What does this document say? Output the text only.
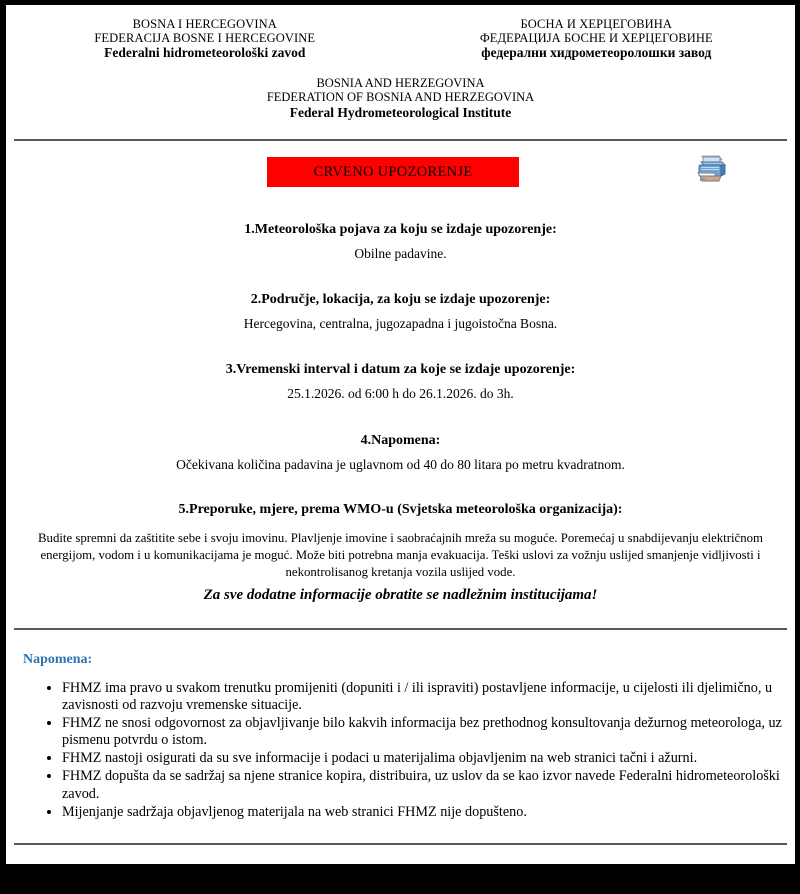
BOSNA I HERCEGOVINA
FEDERACIJA BOSNE I HERCEGOVINE
Federalni hidrometeorološki zavod
БОСНА И ХЕРЦЕГОВИНА
ФЕДЕРАЦИЈА БОСНЕ И ХЕРЦЕГОВИНЕ
федерални хидрометеоролошки завод
BOSNIA AND HERZEGOVINA
FEDERATION OF BOSNIA AND HERZEGOVINA
Federal Hydrometeorological Institute
CRVENO UPOZORENJE
1.Meteorološka pojava za koju se izdaje upozorenje:
Obilne padavine.
2.Područje, lokacija, za koju se izdaje upozorenje:
Hercegovina, centralna, jugozapadna i jugoistočna Bosna.
3.Vremenski interval i datum za koje se izdaje upozorenje:
25.1.2026. od 6:00 h do 26.1.2026. do 3h.
4.Napomena:
Očekivana količina padavina je uglavnom od 40 do 80 litara po metru kvadratnom.
5.Preporuke, mjere, prema WMO-u (Svjetska meteorološka organizacija):
Budite spremni da zaštitite sebe i svoju imovinu. Plavljenje imovine i saobraćajnih mreža su moguće. Poremećaj u snabdijevanju električnom energijom, vodom i u komunikacijama je moguć. Može biti potrebna manja evakuacija. Teški uslovi za vožnju uslijed smanjenje vidljivosti i nekontrolisanog kretanja vozila uslijed vode.
Za sve dodatne informacije obratite se nadležnim institucijama!
Napomena:
• FHMZ ima pravo u svakom trenutku promijeniti (dopuniti i / ili ispraviti) postavljene informacije, u cijelosti ili djelimično, u zavisnosti od razvoju vremenske situacije.
• FHMZ ne snosi odgovornost za objavljivanje bilo kakvih informacija bez prethodnog konsultovanja dežurnog meteorologa, uz pismenu potvrdu o istom.
• FHMZ nastoji osigurati da su sve informacije i podaci u materijalima objavljenim na web stranici tačni i ažurni.
• FHMZ dopušta da se sadržaj sa njene stranice kopira, distribuira, uz uslov da se kao izvor navede Federalni hidrometeorološki zavod.
• Mijenjanje sadržaja objavljenog materijala na web stranici FHMZ nije dopušteno.
Bardakčije broj 12., 71000 Sarajevo, tel:00387 33 276 700, fax: 033 276 701;
e-mail: fhmzbih@fhmzbih.gov.ba
